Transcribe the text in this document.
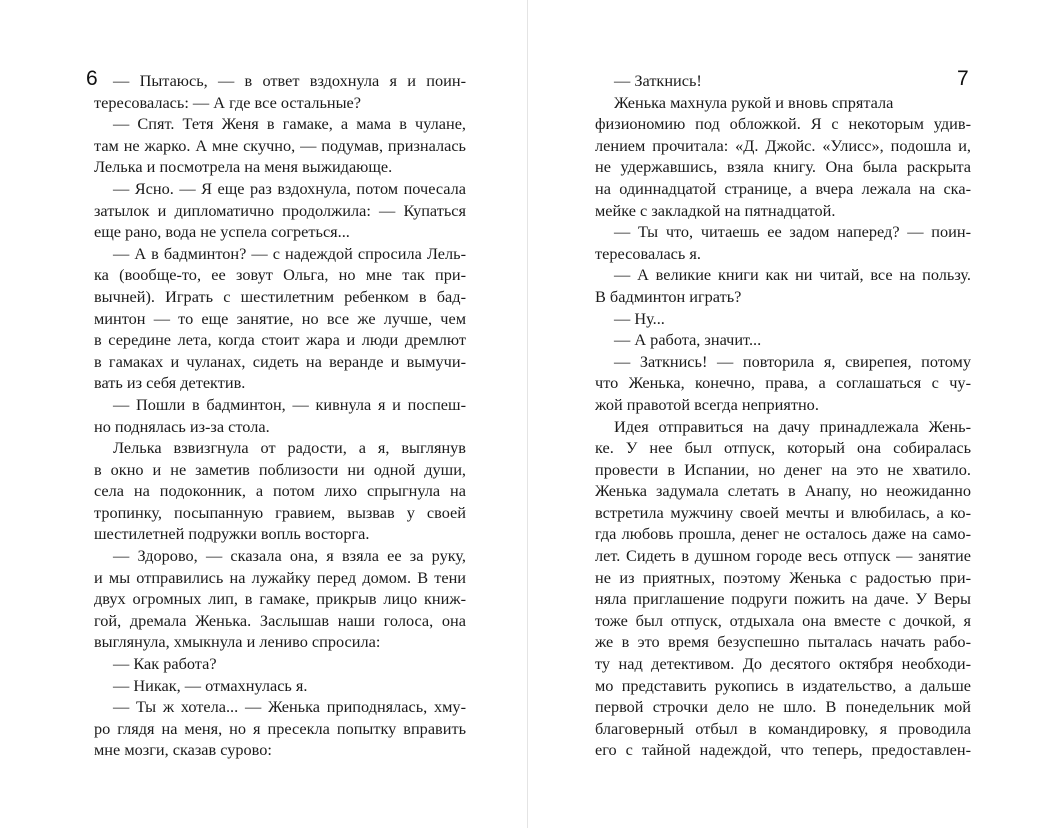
6 — Пытаюсь, — в ответ вздохнула я и поин-
тересовалась: — А где все остальные?
— Спят. Тетя Женя в гамаке, а мама в чулане,
там не жарко. А мне скучно, — подумав, призналась
Лелька и посмотрела на меня выжидающе.
— Ясно. — Я еще раз вздохнула, потом почесала
затылок и дипломатично продолжила: — Купаться
еще рано, вода не успела согреться...
— А в бадминтон? — с надеждой спросила Лель-
ка (вообще-то, ее зовут Ольга, но мне так при-
вычней). Играть с шестилетним ребенком в бад-
минтон — то еще занятие, но все же лучше, чем
в середине лета, когда стоит жара и люди дремлют
в гамаках и чуланах, сидеть на веранде и вымучи-
вать из себя детектив.
— Пошли в бадминтон, — кивнула я и поспеш-
но поднялась из-за стола.
Лелька взвизгнула от радости, а я, выглянув
в окно и не заметив поблизости ни одной души,
села на подоконник, а потом лихо спрыгнула на
тропинку, посыпанную гравием, вызвав у своей
шестилетней подружки вопль восторга.
— Здорово, — сказала она, я взяла ее за руку,
и мы отправились на лужайку перед домом. В тени
двух огромных лип, в гамаке, прикрыв лицо книж-
гой, дремала Женька. Заслышав наши голоса, она
выглянула, хмыкнула и лениво спросила:
— Как работа?
— Никак, — отмахнулась я.
— Ты ж хотела... — Женька приподнялась, хму-
ро глядя на меня, но я пресекла попытку вправить
мне мозги, сказав сурово:
7
— Заткнись!
Женька махнула рукой и вновь спрятала
физиономию под обложкой. Я с некоторым удив-
лением прочитала: «Д. Джойс. «Улисс», подошла и,
не удержавшись, взяла книгу. Она была раскрыта
на одиннадцатой странице, а вчера лежала на ска-
мейке с закладкой на пятнадцатой.
— Ты что, читаешь ее задом наперед? — поин-
тересовалась я.
— А великие книги как ни читай, все на пользу.
В бадминтон играть?
— Ну...
— А работа, значит...
— Заткнись! — повторила я, свирепея, потому
что Женька, конечно, права, а соглашаться с чу-
жой правотой всегда неприятно.
Идея отправиться на дачу принадлежала Жень-
ке. У нее был отпуск, который она собиралась
провести в Испании, но денег на это не хватило.
Женька задумала слетать в Анапу, но неожиданно
встретила мужчину своей мечты и влюбилась, а ко-
гда любовь прошла, денег не осталось даже на само-
лет. Сидеть в душном городе весь отпуск — занятие
не из приятных, поэтому Женька с радостью при-
няла приглашение подруги пожить на даче. У Веры
тоже был отпуск, отдыхала она вместе с дочкой, я
же в это время безуспешно пыталась начать рабо-
ту над детективом. До десятого октября необходи-
мо представить рукопись в издательство, а дальше
первой строчки дело не шло. В понедельник мой
благоверный отбыл в командировку, я проводила
его с тайной надеждой, что теперь, предоставлен-
